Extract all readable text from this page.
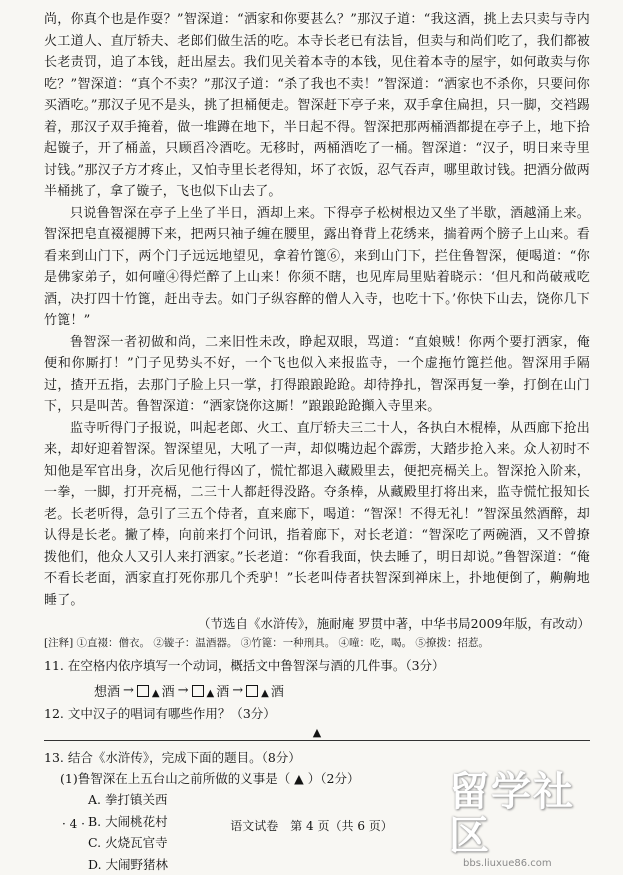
尚，你真个也是作耍？”智深道：“洒家和你要甚么？”那汉子道：“我这酒，挑上去只卖与寺内火工道人、直厅轿夫、老郎们做生活的吃。本寺长老已有法旨，但卖与和尚们吃了，我们都被长老责罚，追了本钱，赶出屋去。我们见关着本寺的本钱，见住着本寺的屋宇，如何敢卖与你吃？”智深道：“真个不卖？”那汉子道：“杀了我也不卖！”智深道：“洒家也不杀你，只要问你买酒吃。”那汉子见不是头，挑了担桶便走。智深赶下亭子来，双手拿住扁担，只一脚，交裆踢着，那汉子双手掩着，做一堆蹲在地下，半日起不得。智深把那两桶酒都提在亭子上，地下拾起镟子，开了桶盖，只顾舀冷酒吃。无移时，两桶酒吃了一桶。智深道：“汉子，明日来寺里讨钱。”那汉子方才疼止，又怕寺里长老得知，坏了衣饭，忍气吞声，哪里敢讨钱。把酒分做两半桶挑了，拿了镟子，飞也似下山去了。

只说鲁智深在亭子上坐了半日，酒却上来。下得亭子松树根边又坐了半歇，酒越涌上来。智深把皂直裰褪膊下来，把两只袖子缠在腰里，露出脊背上花绣来，揣着两个膀子上山来。看看来到山门下，两个门子远远地望见，拿着竹篦⑥，来到山门下，拦住鲁智深，便喝道：“你是佛家弟子，如何噇④得烂醉了上山来！你须不瞎，也见库局里贴着晓示：‘但凡和尚破戒吃酒，决打四十竹篦，赶出寺去。如门子纵容醉的僧人入寺，也吃十下。’你快下山去，饶你几下竹篦！”

鲁智深一者初做和尚，二来旧性未改，睁起双眼，骂道：“直娘贼！你两个要打洒家，俺便和你厮打！”门子见势头不好，一个飞也似入来报监寺，一个虚拖竹篦拦他。智深用手隔过，揸开五指，去那门子脸上只一掌，打得踉踉跄跄。却待挣扎，智深再复一拳，打倒在山门下，只是叫苦。鲁智深道：“洒家饶你这厮！”踉踉跄跄攧入寺里来。

监寺听得门子报说，叫起老郎、火工、直厅轿夫三二十人，各执白木棍棒，从西廊下抢出来，却好迎着智深。智深望见，大吼了一声，却似嘴边起个霹雳，大踏步抢入来。众人初时不知他是军官出身，次后见他行得凶了，慌忙都退入藏殿里去，便把亮槅关上。智深抢入阶来，一拳，一脚，打开亮槅，二三十人都赶得没路。夺条棒，从藏殿里打将出来，监寺慌忙报知长老。长老听得，急引了三五个侍者，直来廊下，喝道：“智深！不得无礼！”智深虽然酒醉，却认得是长老。撇了棒，向前来打个问讯，指着廊下，对长老道：“智深吃了两碗酒，又不曾撩拨他们，他众人又引人来打洒家。”长老道：“你看我面，快去睡了，明日却说。”鲁智深道：“俺不看长老面，洒家直打死你那几个秃驴！”长老叫侍者扶智深到禅床上，扑地便倒了，齁齁地睡了。

（节选自《水浒传》，施耐庵 罗贯中著，中华书局2009年版，有改动）

[注释] ①直裰：僧衣。 ②镟子：温酒器。 ③竹篦：一种刑具。 ④噇：吃，喝。 ⑤撩拨：招惹。

11. 在空格内依序填写一个动词，概括文中鲁智深与酒的几件事。（3分）

想酒 →	▲ 酒 →	▲ 酒 →	▲ 酒

12. 文中汉子的唱词有哪些作用？（3分）

▲

13. 结合《水浒传》，完成下面的题目。（8分）

(1)鲁智深在上五台山之前所做的义事是（ ▲ ）（2分）

A. 拳打镇关西

B. 大闹桃花村

C. 火烧瓦官寺

D. 大闹野猪林

· 4 ·	语文试卷　第 4 页（共 6 页）
留学社区
bbs.liuxue86.com
